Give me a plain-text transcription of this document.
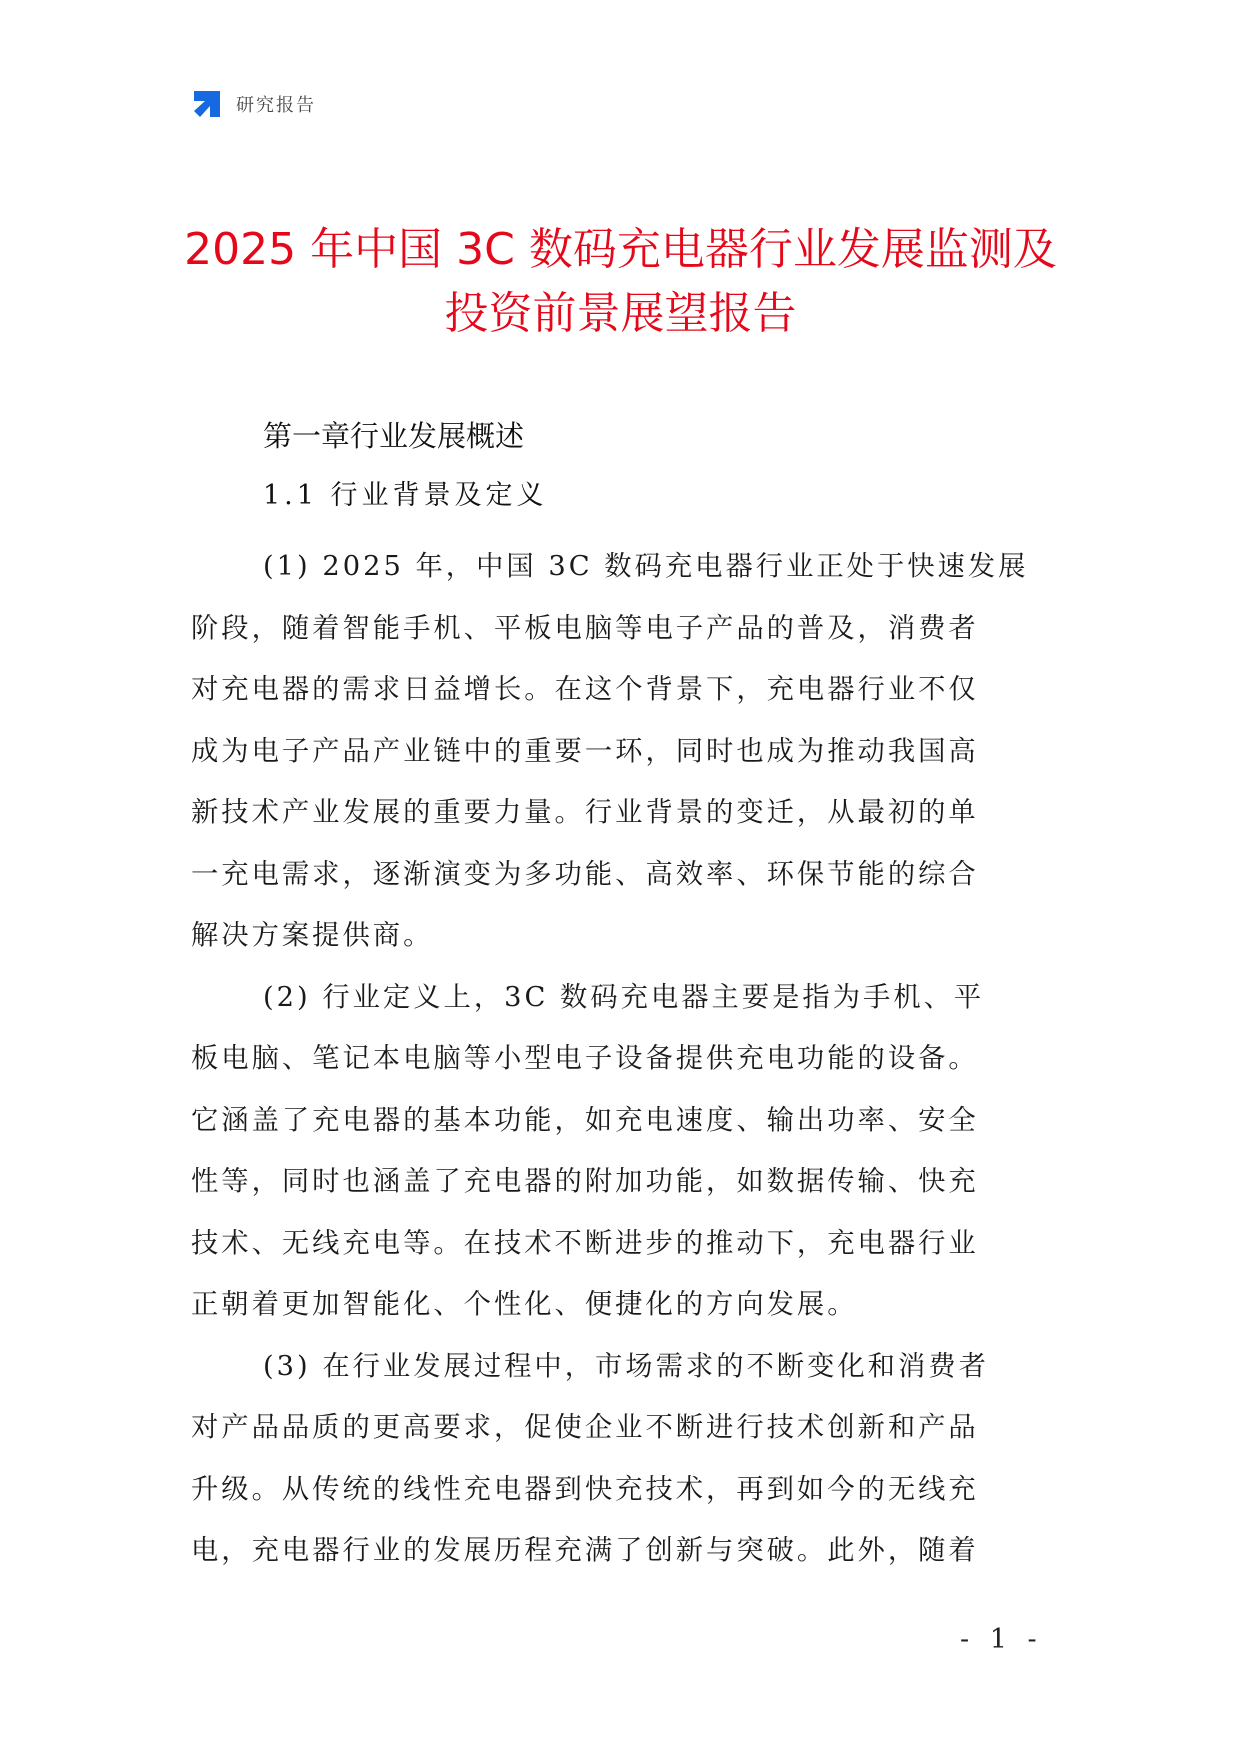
研究报告
2025 年中国 3C 数码充电器行业发展监测及
投资前景展望报告
第一章行业发展概述
1.1 行业背景及定义

(1) 2025 年，中国 3C 数码充电器行业正处于快速发展
阶段，随着智能手机、平板电脑等电子产品的普及，消费者
对充电器的需求日益增长。在这个背景下，充电器行业不仅
成为电子产品产业链中的重要一环，同时也成为推动我国高
新技术产业发展的重要力量。行业背景的变迁，从最初的单
一充电需求，逐渐演变为多功能、高效率、环保节能的综合
解决方案提供商。

(2) 行业定义上，3C 数码充电器主要是指为手机、平
板电脑、笔记本电脑等小型电子设备提供充电功能的设备。
它涵盖了充电器的基本功能，如充电速度、输出功率、安全
性等，同时也涵盖了充电器的附加功能，如数据传输、快充
技术、无线充电等。在技术不断进步的推动下，充电器行业
正朝着更加智能化、个性化、便捷化的方向发展。

(3) 在行业发展过程中，市场需求的不断变化和消费者
对产品品质的更高要求，促使企业不断进行技术创新和产品
升级。从传统的线性充电器到快充技术，再到如今的无线充
电，充电器行业的发展历程充满了创新与突破。此外，随着

- 1 -
